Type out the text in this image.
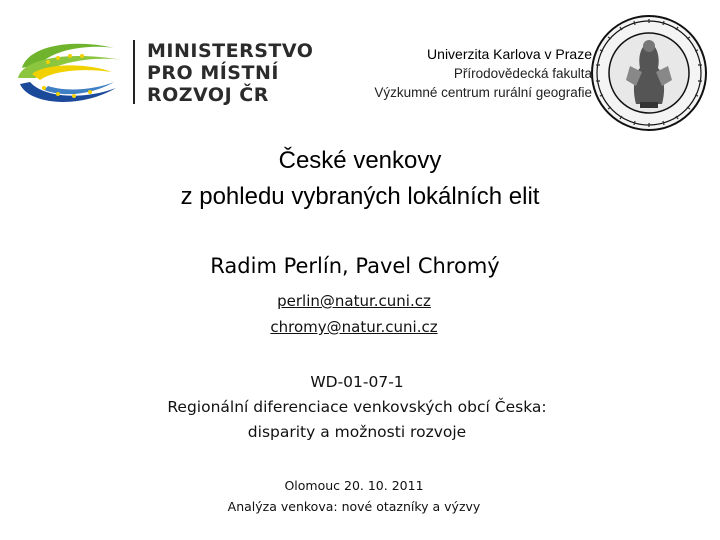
MINISTERSTVO
PRO MÍSTNÍ
ROZVOJ ČR
Univerzita Karlova v Praze
Přírodovědecká fakulta
Výzkumné centrum rurální geografie
České venkovy
z pohledu vybraných lokálních elit
Radim Perlín, Pavel Chromý
perlin@natur.cuni.cz
chromy@natur.cuni.cz
WD-01-07-1
Regionální diferenciace venkovských obcí Česka:
disparity a možnosti rozvoje
Olomouc 20. 10. 2011
Analýza venkova: nové otazníky a výzvy
